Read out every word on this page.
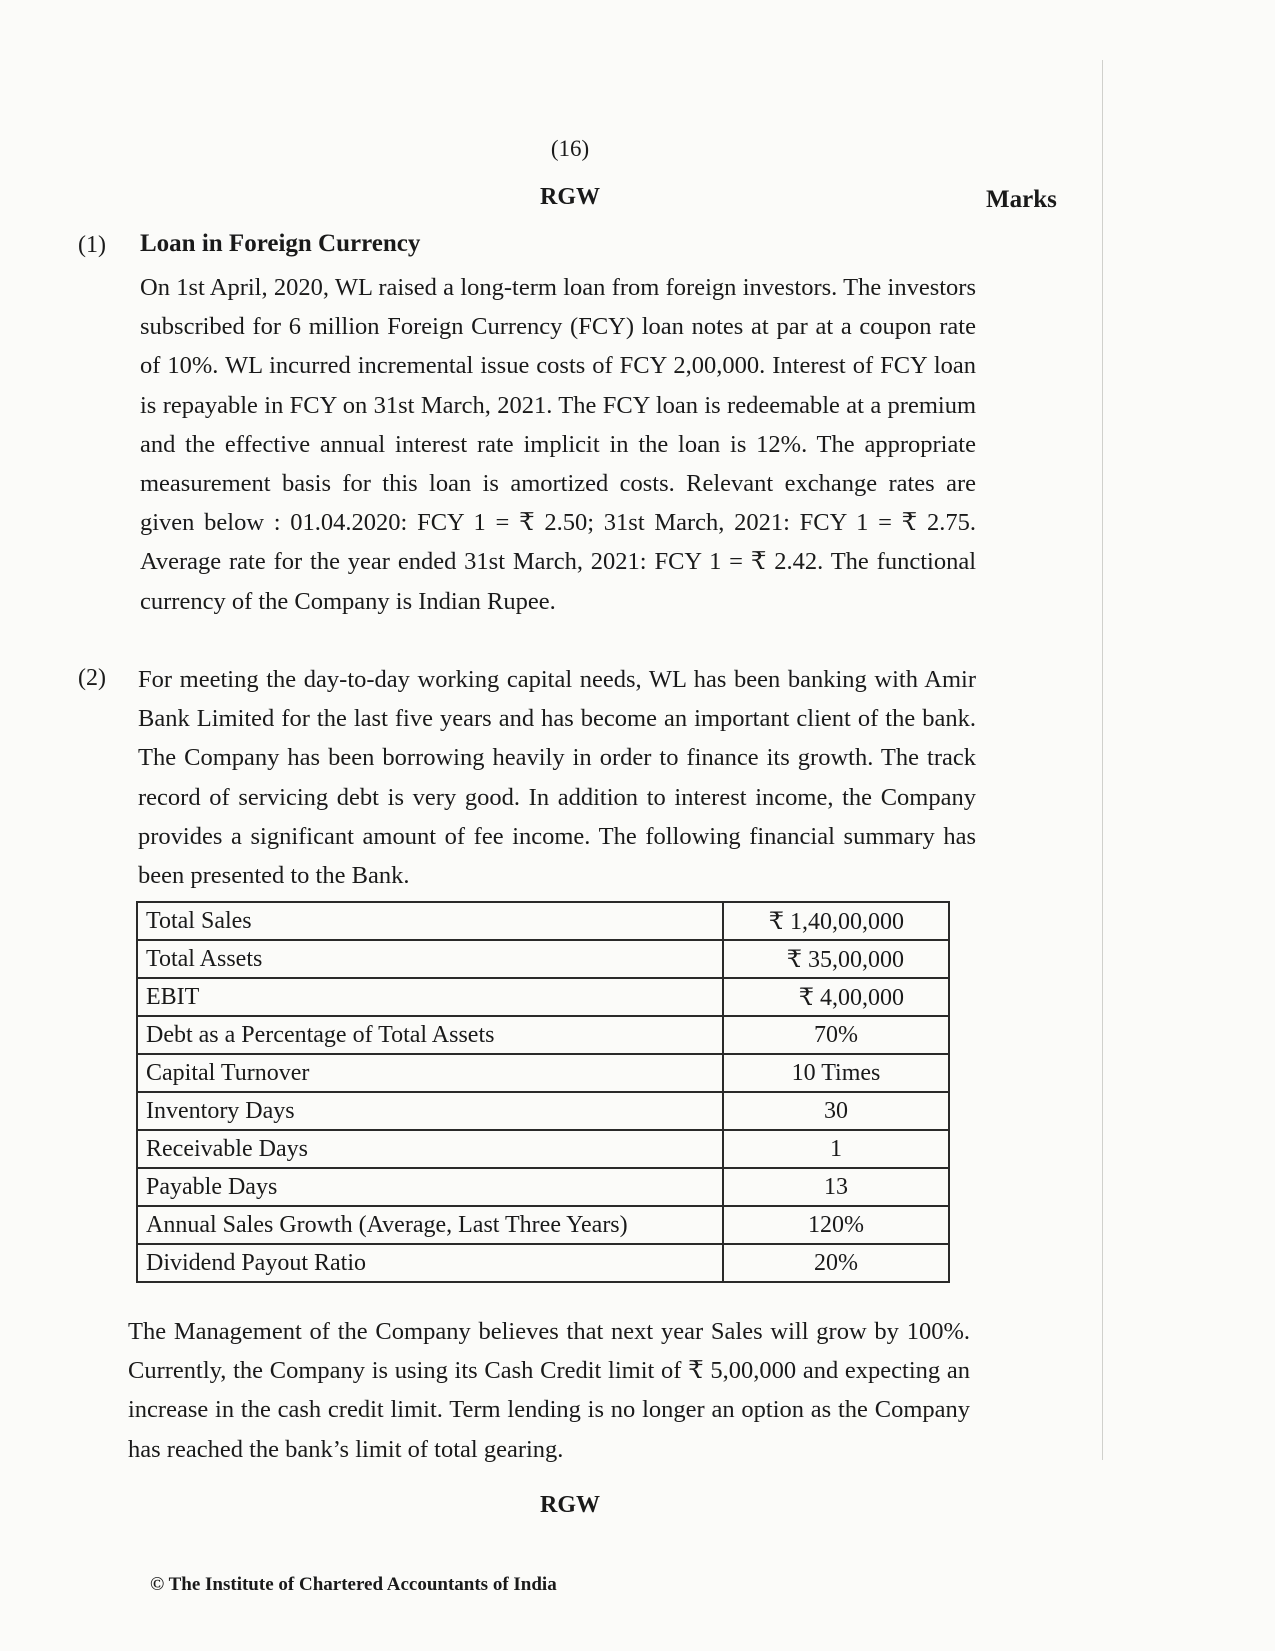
(16)
RGW	Marks
(1) Loan in Foreign Currency

On 1st April, 2020, WL raised a long-term loan from foreign investors. The investors subscribed for 6 million Foreign Currency (FCY) loan notes at par at a coupon rate of 10%. WL incurred incremental issue costs of FCY 2,00,000. Interest of FCY loan is repayable in FCY on 31st March, 2021. The FCY loan is redeemable at a premium and the effective annual interest rate implicit in the loan is 12%. The appropriate measurement basis for this loan is amortized costs. Relevant exchange rates are given below : 01.04.2020: FCY 1 = ₹ 2.50; 31st March, 2021: FCY 1 = ₹ 2.75. Average rate for the year ended 31st March, 2021: FCY 1 = ₹ 2.42. The functional currency of the Company is Indian Rupee.

(2) For meeting the day-to-day working capital needs, WL has been banking with Amir Bank Limited for the last five years and has become an important client of the bank. The Company has been borrowing heavily in order to finance its growth. The track record of servicing debt is very good. In addition to interest income, the Company provides a significant amount of fee income. The following financial summary has been presented to the Bank.

Total Sales	₹ 1,40,00,000
Total Assets	₹ 35,00,000
EBIT	₹ 4,00,000
Debt as a Percentage of Total Assets	70%
Capital Turnover	10 Times
Inventory Days	30
Receivable Days	1
Payable Days	13
Annual Sales Growth (Average, Last Three Years)	120%
Dividend Payout Ratio	20%

The Management of the Company believes that next year Sales will grow by 100%. Currently, the Company is using its Cash Credit limit of ₹ 5,00,000 and expecting an increase in the cash credit limit. Term lending is no longer an option as the Company has reached the bank’s limit of total gearing.

RGW
© The Institute of Chartered Accountants of India
